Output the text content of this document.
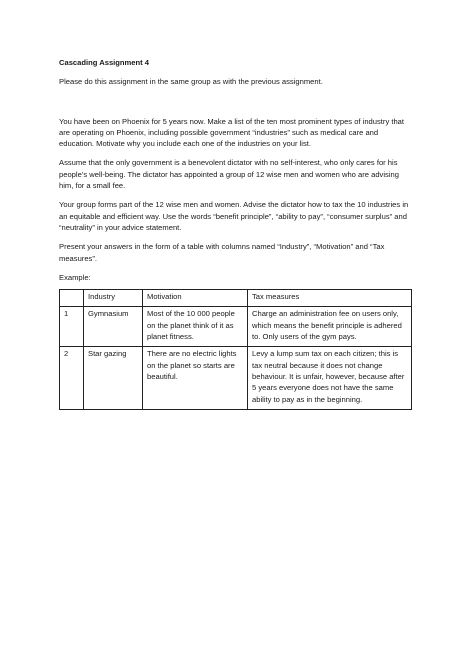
Cascading Assignment 4
Please do this assignment in the same group as with the previous assignment.
You have been on Phoenix for 5 years now. Make a list of the ten most prominent types of industry that are operating on Phoenix, including possible government “industries” such as medical care and education. Motivate why you include each one of the industries on your list.
Assume that the only government is a benevolent dictator with no self-interest, who only cares for his people’s well-being. The dictator has appointed a group of 12 wise men and women who are advising him, for a small fee.
Your group forms part of the 12 wise men and women. Advise the dictator how to tax the 10 industries in an equitable and efficient way. Use the words “benefit principle”, “ability to pay”, “consumer surplus” and “neutrality” in your advice statement.
Present your answers in the form of a table with columns named “Industry”, “Motivation” and “Tax measures”.
Example:
	Industry	Motivation	Tax measures
1	Gymnasium	Most of the 10 000 people on the planet think of it as planet fitness.	Charge an administration fee on users only, which means the benefit principle is adhered to. Only users of the gym pays.
2	Star gazing	There are no electric lights on the planet so starts are beautiful.	Levy a lump sum tax on each citizen; this is tax neutral because it does not change behaviour. It is unfair, however, because after 5 years everyone does not have the same ability to pay as in the beginning.
